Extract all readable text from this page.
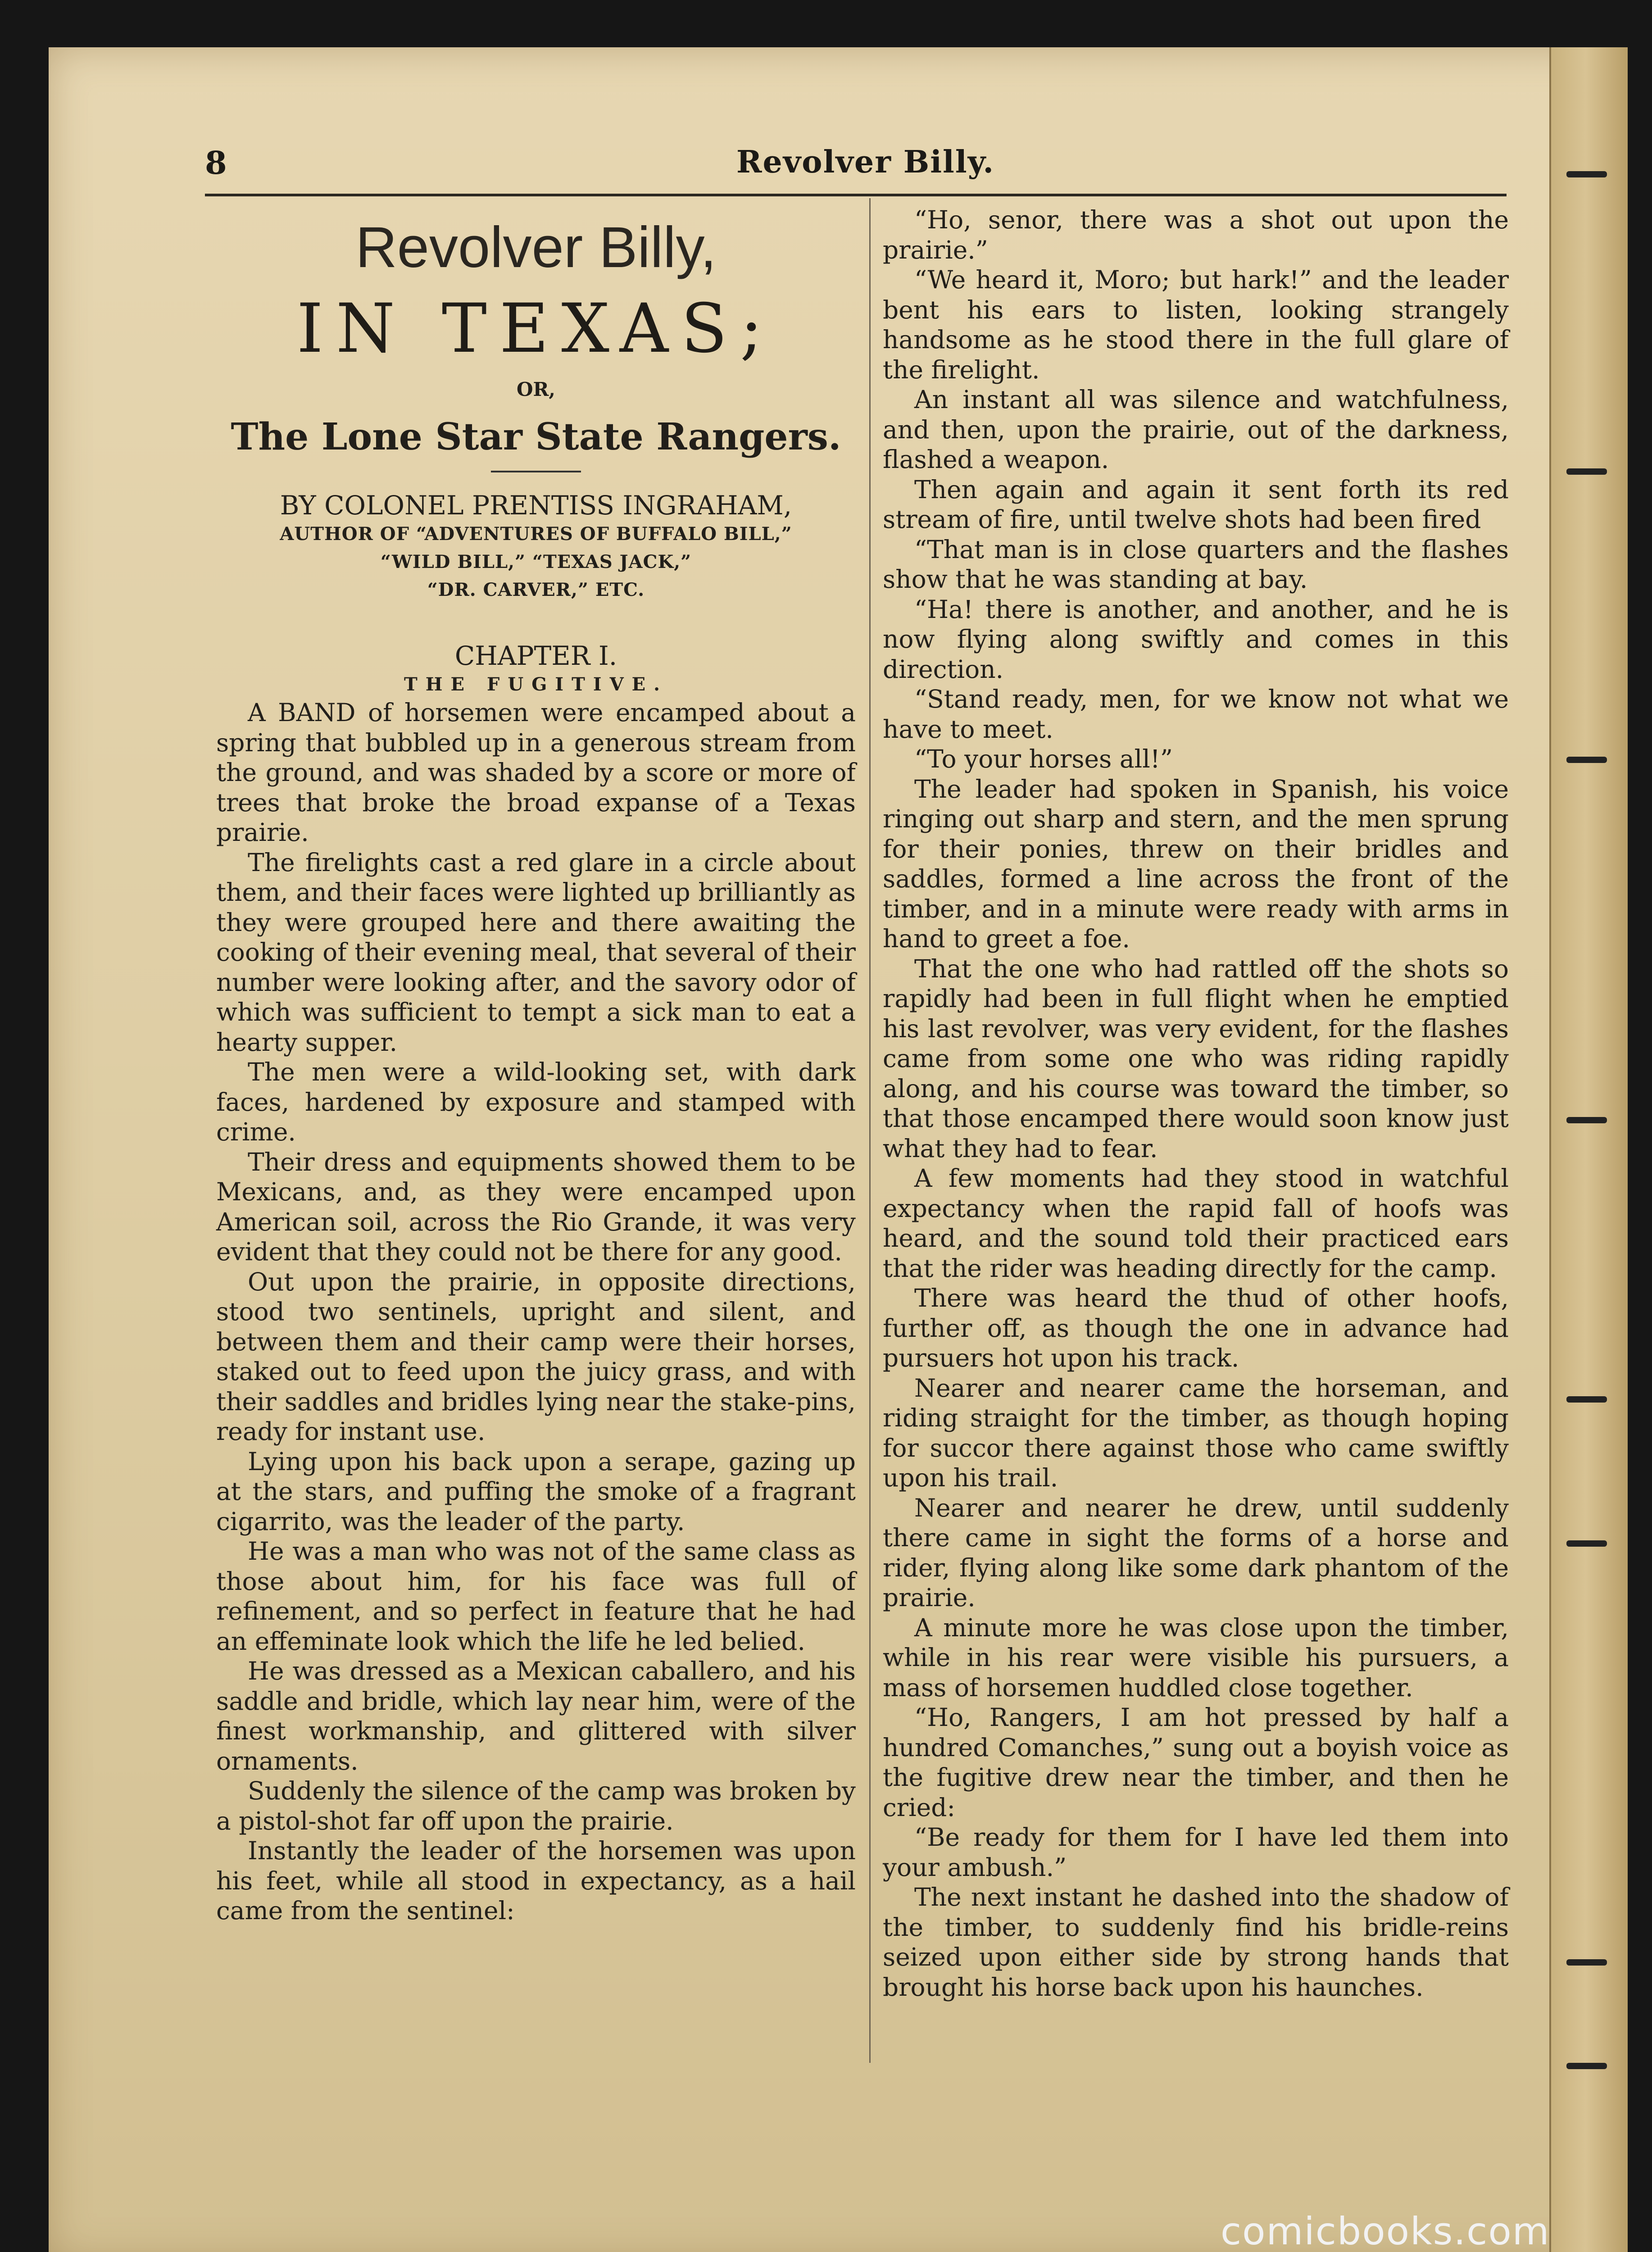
8	Revolver Billy.
Revolver Billy,
IN TEXAS;
OR,
The Lone Star State Rangers.
BY COLONEL PRENTISS INGRAHAM,
AUTHOR OF “ADVENTURES OF BUFFALO BILL,”
“WILD BILL,” “TEXAS JACK,”
“DR. CARVER,” ETC.
CHAPTER I.
THE FUGITIVE.

A BAND of horsemen were encamped about a spring that bubbled up in a generous stream from the ground, and was shaded by a score or more of trees that broke the broad expanse of a Texas prairie.

The firelights cast a red glare in a circle about them, and their faces were lighted up brilliantly as they were grouped here and there awaiting the cooking of their evening meal, that several of their number were looking after, and the savory odor of which was sufficient to tempt a sick man to eat a hearty supper.

The men were a wild-looking set, with dark faces, hardened by exposure and stamped with crime.

Their dress and equipments showed them to be Mexicans, and, as they were encamped upon American soil, across the Rio Grande, it was very evident that they could not be there for any good.

Out upon the prairie, in opposite directions, stood two sentinels, upright and silent, and between them and their camp were their horses, staked out to feed upon the juicy grass, and with their saddles and bridles lying near the stake-pins, ready for instant use.

Lying upon his back upon a serape, gazing up at the stars, and puffing the smoke of a fragrant cigarrito, was the leader of the party.

He was a man who was not of the same class as those about him, for his face was full of refinement, and so perfect in feature that he had an effeminate look which the life he led belied.

He was dressed as a Mexican caballero, and his saddle and bridle, which lay near him, were of the finest workmanship, and glittered with silver ornaments.

Suddenly the silence of the camp was broken by a pistol-shot far off upon the prairie.

Instantly the leader of the horsemen was upon his feet, while all stood in expectancy, as a hail came from the sentinel:

“Ho, senor, there was a shot out upon the prairie.”

“We heard it, Moro; but hark!” and the leader bent his ears to listen, looking strangely handsome as he stood there in the full glare of the firelight.

An instant all was silence and watchfulness, and then, upon the prairie, out of the darkness, flashed a weapon.

Then again and again it sent forth its red stream of fire, until twelve shots had been fired

“That man is in close quarters and the flashes show that he was standing at bay.

“Ha! there is another, and another, and he is now flying along swiftly and comes in this direction.

“Stand ready, men, for we know not what we have to meet.

“To your horses all!”

The leader had spoken in Spanish, his voice ringing out sharp and stern, and the men sprung for their ponies, threw on their bridles and saddles, formed a line across the front of the timber, and in a minute were ready with arms in hand to greet a foe.

That the one who had rattled off the shots so rapidly had been in full flight when he emptied his last revolver, was very evident, for the flashes came from some one who was riding rapidly along, and his course was toward the timber, so that those encamped there would soon know just what they had to fear.

A few moments had they stood in watchful expectancy when the rapid fall of hoofs was heard, and the sound told their practiced ears that the rider was heading directly for the camp.

There was heard the thud of other hoofs, further off, as though the one in advance had pursuers hot upon his track.

Nearer and nearer came the horseman, and riding straight for the timber, as though hoping for succor there against those who came swiftly upon his trail.

Nearer and nearer he drew, until suddenly there came in sight the forms of a horse and rider, flying along like some dark phantom of the prairie.

A minute more he was close upon the timber, while in his rear were visible his pursuers, a mass of horsemen huddled close together.

“Ho, Rangers, I am hot pressed by half a hundred Comanches,” sung out a boyish voice as the fugitive drew near the timber, and then he cried:

“Be ready for them for I have led them into your ambush.”

The next instant he dashed into the shadow of the timber, to suddenly find his bridle-reins seized upon either side by strong hands that brought his horse back upon his haunches.

comicbooks.com
